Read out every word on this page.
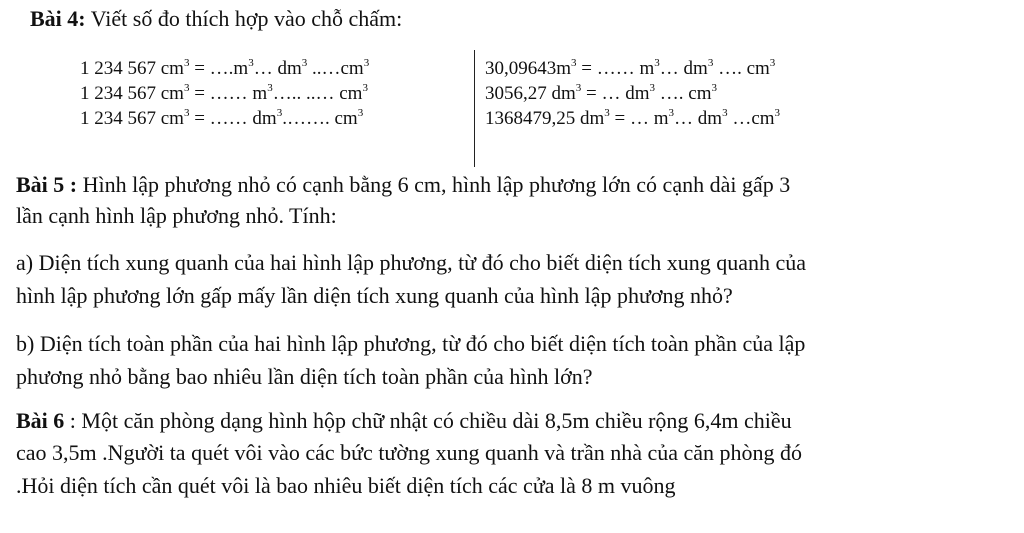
Bài 4: Viết số đo thích hợp vào chỗ chấm:
1 234 567 $cm^3$ = $\dots.m^3\dots$ $dm^3$ $..\dots cm^3$
1 234 567 $cm^3$ = …… $m^3\dots$.. ..… $cm^3$
1 234 567 $cm^3$ = …… $dm^3.\dots\dots$. $cm^3$
$30,09643m^3$ = …… $m^3\dots$ $dm^3$ …. $cm^3$
3056,27 $dm^3$ = … $dm^3$ …. $cm^3$
1368479,25 $dm^3$ = … $m^3\dots$ $dm^3$ $\dots cm^3$
Bài 5 : Hình lập phương nhỏ có cạnh bằng 6 cm, hình lập phương lớn có cạnh dài gấp 3
lần cạnh hình lập phương nhỏ. Tính:
a) Diện tích xung quanh của hai hình lập phương, từ đó cho biết diện tích xung quanh của
hình lập phương lớn gấp mấy lần diện tích xung quanh của hình lập phương nhỏ?
b) Diện tích toàn phần của hai hình lập phương, từ đó cho biết diện tích toàn phần của lập
phương nhỏ bằng bao nhiêu lần diện tích toàn phần của hình lớn?
Bài 6 : Một căn phòng dạng hình hộp chữ nhật có chiều dài 8,5m chiều rộng 6,4m chiều
cao 3,5m .Người ta quét vôi vào các bức tường xung quanh và trần nhà của căn phòng đó
.Hỏi diện tích cần quét vôi là bao nhiêu biết diện tích các cửa là 8 m vuông
